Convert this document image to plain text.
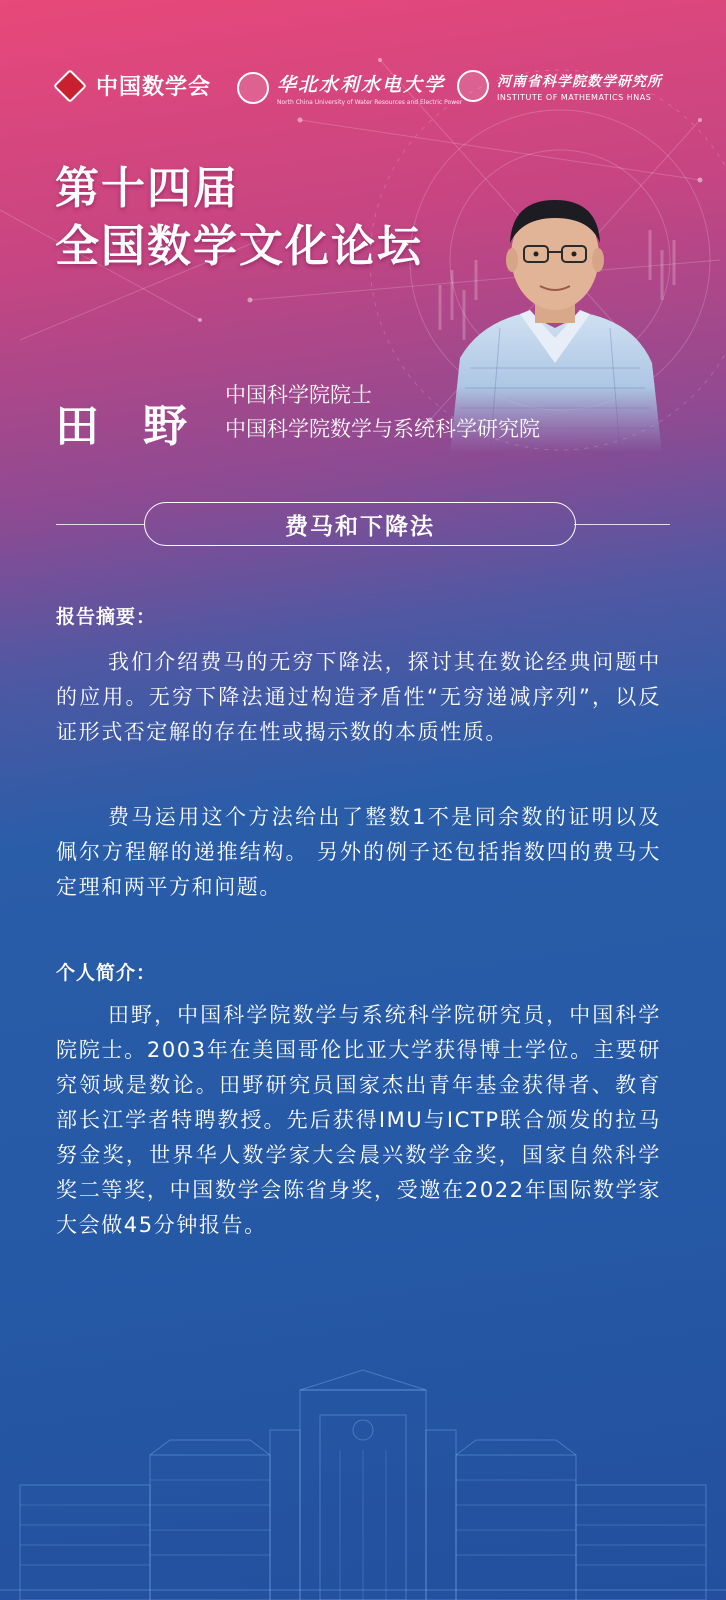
中国数学会	华北水利水电大学
North China University of Water Resources and Electric Power
河南省科学院数学研究所
INSTITUTE OF MATHEMATICS HNAS
第十四届
全国数学文化论坛
田野
中国科学院院士
中国科学院数学与系统科学研究院
费马和下降法
报告摘要：
我们介绍费马的无穷下降法，探讨其在数论经典问题中的应用。无穷下降法通过构造矛盾性“无穷递减序列”，以反证形式否定解的存在性或揭示数的本质性质。
费马运用这个方法给出了整数1不是同余数的证明以及佩尔方程解的递推结构。 另外的例子还包括指数四的费马大定理和两平方和问题。
个人简介：
田野，中国科学院数学与系统科学院研究员，中国科学院院士。2003年在美国哥伦比亚大学获得博士学位。主要研究领域是数论。田野研究员国家杰出青年基金获得者、教育部长江学者特聘教授。先后获得IMU与ICTP联合颁发的拉马努金奖，世界华人数学家大会晨兴数学金奖，国家自然科学奖二等奖，中国数学会陈省身奖，受邀在2022年国际数学家大会做45分钟报告。
